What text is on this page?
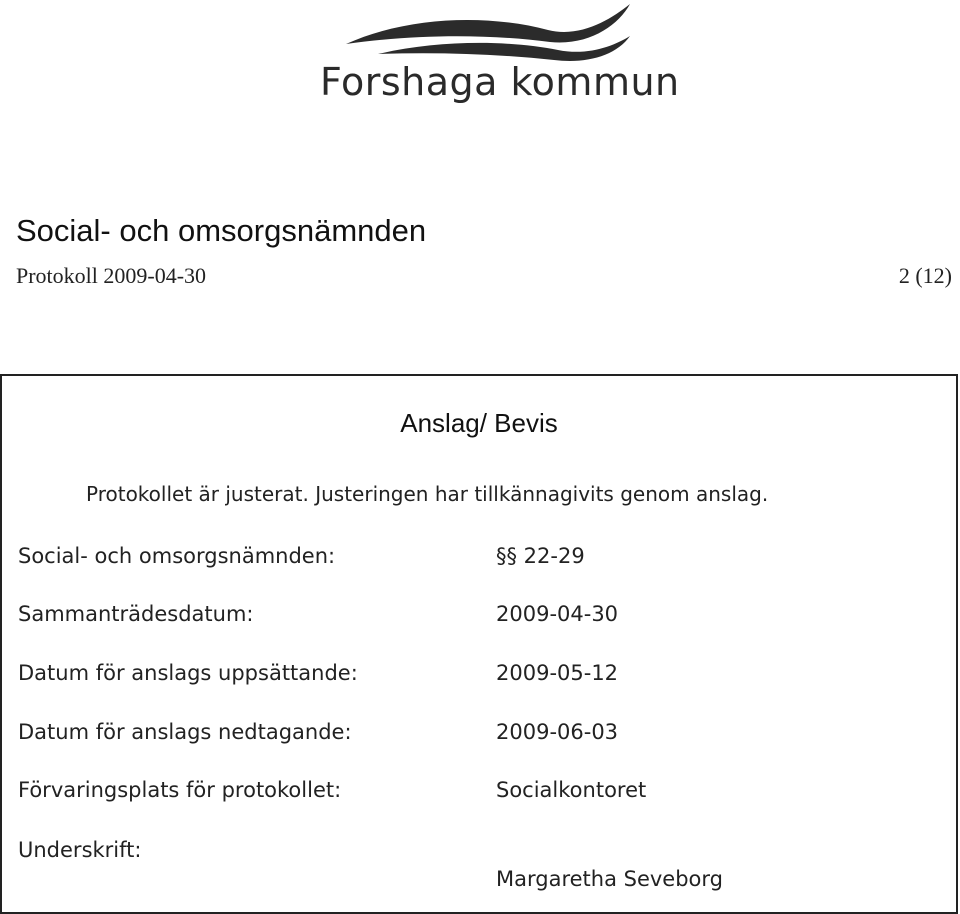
Forshaga kommun
Social- och omsorgsnämnden
Protokoll 2009-04-30	2 (12)
Anslag/ Bevis
Protokollet är justerat. Justeringen har tillkännagivits genom anslag.
Social- och omsorgsnämnden:	§§ 22-29
Sammanträdesdatum:	2009-04-30
Datum för anslags uppsättande:	2009-05-12
Datum för anslags nedtagande:	2009-06-03
Förvaringsplats för protokollet:	Socialkontoret
Underskrift:
Margaretha Seveborg
